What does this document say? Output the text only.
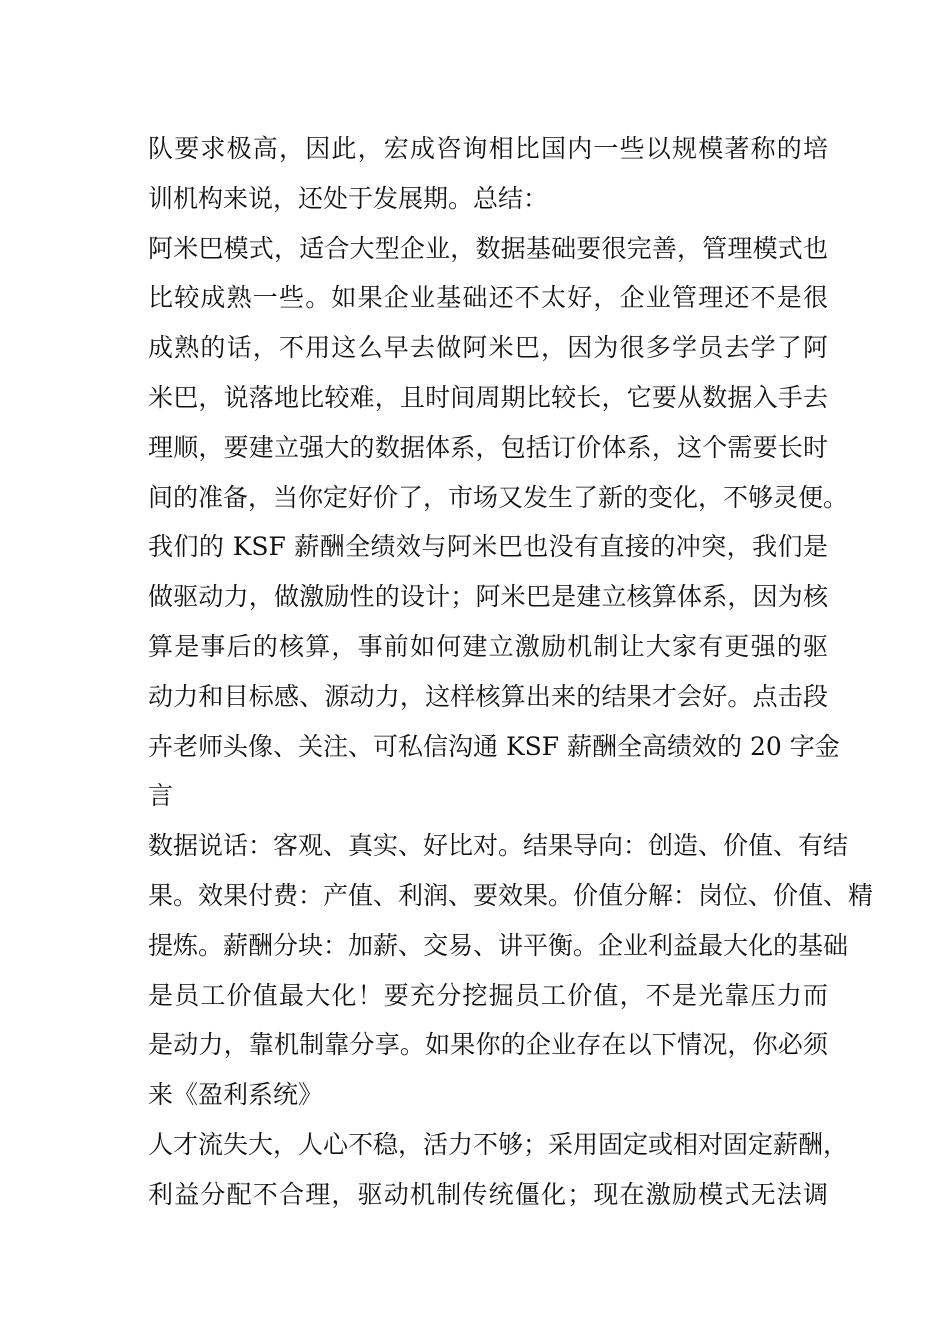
队要求极高，因此，宏成咨询相比国内一些以规模著称的培
训机构来说，还处于发展期。总结：
阿米巴模式，适合大型企业，数据基础要很完善，管理模式也
比较成熟一些。如果企业基础还不太好，企业管理还不是很
成熟的话，不用这么早去做阿米巴，因为很多学员去学了阿
米巴，说落地比较难，且时间周期比较长，它要从数据入手去
理顺，要建立强大的数据体系，包括订价体系，这个需要长时
间的准备，当你定好价了，市场又发生了新的变化，不够灵便。
我们的 KSF 薪酬全绩效与阿米巴也没有直接的冲突，我们是
做驱动力，做激励性的设计；阿米巴是建立核算体系，因为核
算是事后的核算，事前如何建立激励机制让大家有更强的驱
动力和目标感、源动力，这样核算出来的结果才会好。点击段
卉老师头像、关注、可私信沟通 KSF 薪酬全高绩效的 20 字金
言
数据说话：客观、真实、好比对。结果导向：创造、价值、有结
果。效果付费：产值、利润、要效果。价值分解：岗位、价值、精
提炼。薪酬分块：加薪、交易、讲平衡。企业利益最大化的基础
是员工价值最大化！要充分挖掘员工价值，不是光靠压力而
是动力，靠机制靠分享。如果你的企业存在以下情况，你必须
来《盈利系统》
人才流失大，人心不稳，活力不够；采用固定或相对固定薪酬，
利益分配不合理，驱动机制传统僵化；现在激励模式无法调
